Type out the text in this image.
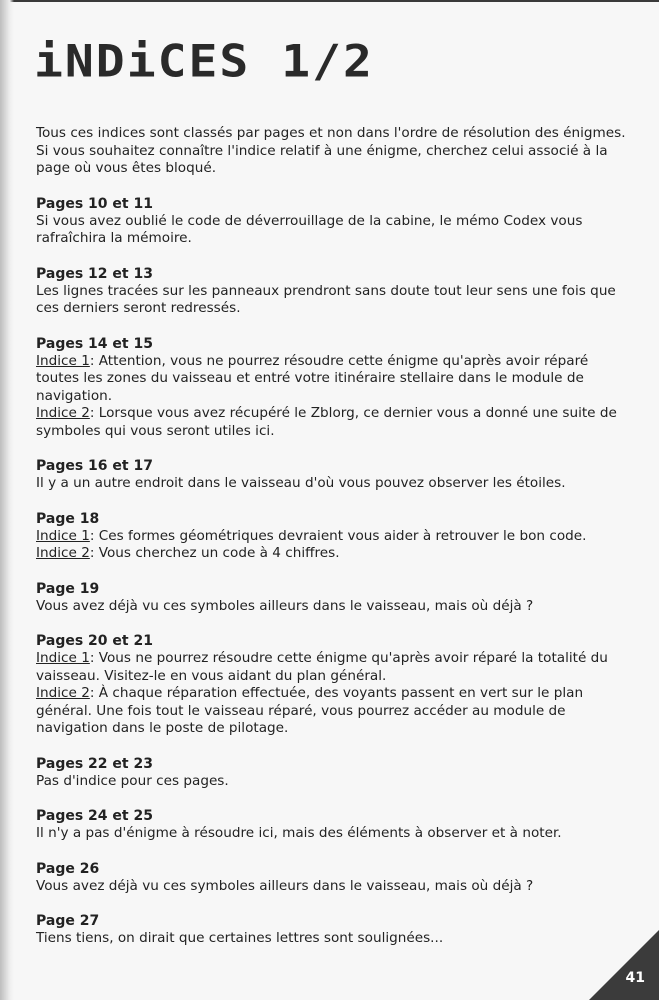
iNDiCES 1/2

Tous ces indices sont classés par pages et non dans l'ordre de résolution des énigmes. Si vous souhaitez connaître l'indice relatif à une énigme, cherchez celui associé à la page où vous êtes bloqué.

Pages 10 et 11

Si vous avez oublié le code de déverrouillage de la cabine, le mémo Codex vous rafraîchira la mémoire.

Pages 12 et 13

Les lignes tracées sur les panneaux prendront sans doute tout leur sens une fois que ces derniers seront redressés.

Pages 14 et 15

Indice 1: Attention, vous ne pourrez résoudre cette énigme qu'après avoir réparé toutes les zones du vaisseau et entré votre itinéraire stellaire dans le module de navigation.

Indice 2: Lorsque vous avez récupéré le Zblorg, ce dernier vous a donné une suite de symboles qui vous seront utiles ici.

Pages 16 et 17

Il y a un autre endroit dans le vaisseau d'où vous pouvez observer les étoiles.

Page 18

Indice 1: Ces formes géométriques devraient vous aider à retrouver le bon code.

Indice 2: Vous cherchez un code à 4 chiffres.

Page 19

Vous avez déjà vu ces symboles ailleurs dans le vaisseau, mais où déjà ?

Pages 20 et 21

Indice 1: Vous ne pourrez résoudre cette énigme qu'après avoir réparé la totalité du vaisseau. Visitez-le en vous aidant du plan général.

Indice 2: À chaque réparation effectuée, des voyants passent en vert sur le plan général. Une fois tout le vaisseau réparé, vous pourrez accéder au module de navigation dans le poste de pilotage.

Pages 22 et 23

Pas d'indice pour ces pages.

Pages 24 et 25

Il n'y a pas d'énigme à résoudre ici, mais des éléments à observer et à noter.

Page 26

Vous avez déjà vu ces symboles ailleurs dans le vaisseau, mais où déjà ?

Page 27

Tiens tiens, on dirait que certaines lettres sont soulignées...

41
